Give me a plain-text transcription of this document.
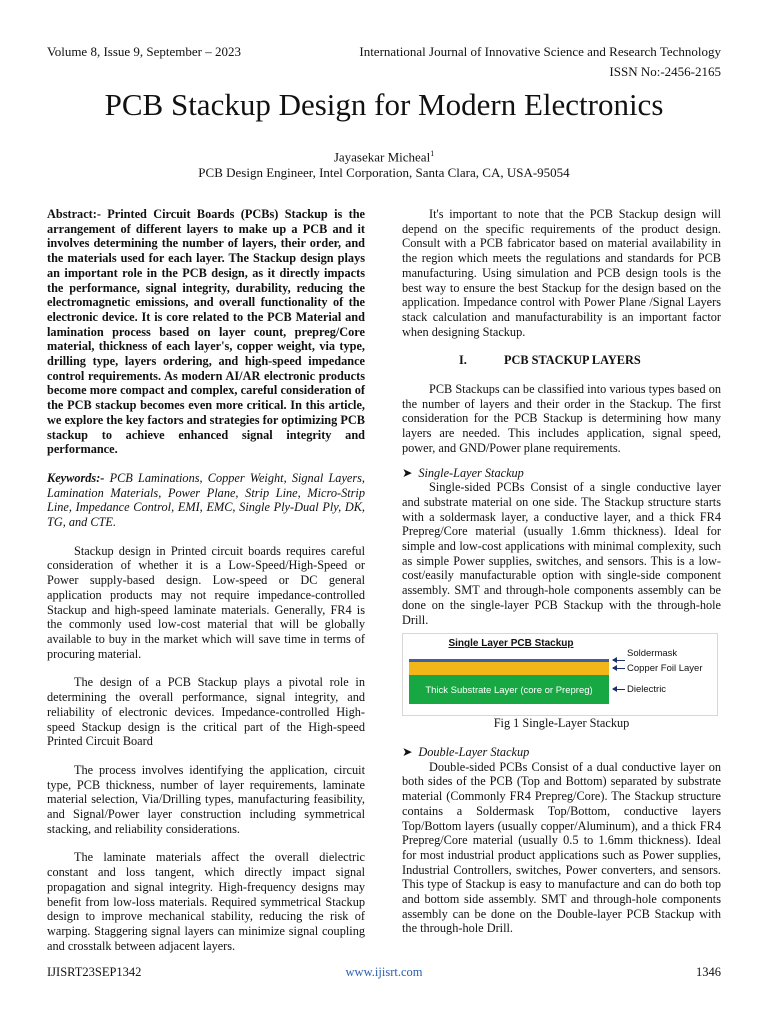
Volume 8, Issue 9, September – 2023	International Journal of Innovative Science and Research Technology
ISSN No:-2456-2165
PCB Stackup Design for Modern Electronics
Jayasekar Micheal$^1$
PCB Design Engineer, Intel Corporation, Santa Clara, CA, USA-95054

Abstract:- Printed Circuit Boards (PCBs) Stackup is the arrangement of different layers to make up a PCB and it involves determining the number of layers, their order, and the materials used for each layer. The Stackup design plays an important role in the PCB design, as it directly impacts the performance, signal integrity, durability, reducing the electromagnetic emissions, and overall functionality of the electronic device. It is core related to the PCB Material and lamination process based on layer count, prepreg/Core material, thickness of each layer's, copper weight, via type, drilling type, layers ordering, and high-speed impedance control requirements. As modern AI/AR electronic products become more compact and complex, careful consideration of the PCB stackup becomes even more critical. In this article, we explore the key factors and strategies for optimizing PCB stackup to achieve enhanced signal integrity and performance.

Keywords:- PCB Laminations, Copper Weight, Signal Layers, Lamination Materials, Power Plane, Strip Line, Micro-Strip Line, Impedance Control, EMI, EMC, Single Ply-Dual Ply, DK, TG, and CTE.

Stackup design in Printed circuit boards requires careful consideration of whether it is a Low-Speed/High-Speed or Power supply-based design. Low-speed or DC general application products may not require impedance-controlled Stackup and high-speed laminate materials. Generally, FR4 is the commonly used low-cost material that will be globally available to buy in the market which will save time in terms of procuring material.

The design of a PCB Stackup plays a pivotal role in determining the overall performance, signal integrity, and reliability of electronic devices. Impedance-controlled High-speed Stackup design is the critical part of the High-speed Printed Circuit Board

The process involves identifying the application, circuit type, PCB thickness, number of layer requirements, laminate material selection, Via/Drilling types, manufacturing feasibility, and Signal/Power layer construction including symmetrical stacking, and reliability considerations.

The laminate materials affect the overall dielectric constant and loss tangent, which directly impact signal propagation and signal integrity. High-frequency designs may benefit from low-loss materials. Required symmetrical Stackup design to improve mechanical stability, reducing the risk of warping. Staggering signal layers can minimize signal coupling and crosstalk between adjacent layers.

It's important to note that the PCB Stackup design will depend on the specific requirements of the product design. Consult with a PCB fabricator based on material availability in the region which meets the regulations and standards for PCB manufacturing. Using simulation and PCB design tools is the best way to ensure the best Stackup for the design based on the application. Impedance control with Power Plane /Signal Layers stack calculation and manufacturability is an important factor when designing Stackup.

I.	PCB STACKUP LAYERS

PCB Stackups can be classified into various types based on the number of layers and their order in the Stackup. The first consideration for the PCB Stackup is determining how many layers are needed. This includes application, signal speed, power, and GND/Power plane requirements.

➤ Single-Layer Stackup

Single-sided PCBs Consist of a single conductive layer and substrate material on one side. The Stackup structure starts with a soldermask layer, a conductive layer, and a thick FR4 Prepreg/Core material (usually 1.6mm thickness). Ideal for simple and low-cost applications with minimal complexity, such as simple Power supplies, switches, and sensors. This is a low-cost/easily manufacturable option with single-side component assembly. SMT and through-hole components assembly can be done on the single-layer PCB Stackup with the through-hole Drill.

Single Layer PCB Stackup
Thick Substrate Layer (core or Prepreg)
Soldermask
Copper Foil Layer
Dielectric

Fig 1 Single-Layer Stackup

➤ Double-Layer Stackup

Double-sided PCBs Consist of a dual conductive layer on both sides of the PCB (Top and Bottom) separated by substrate material (Commonly FR4 Prepreg/Core). The Stackup structure contains a Soldermask Top/Bottom, conductive layers Top/Bottom layers (usually copper/Aluminum), and a thick FR4 Prepreg/Core material (usually 0.5 to 1.6mm thickness). Ideal for most industrial product applications such as Power supplies, Industrial Controllers, switches, Power converters, and sensors. This type of Stackup is easy to manufacture and can do both top and bottom side assembly. SMT and through-hole components assembly can be done on the Double-layer PCB Stackup with the through-hole Drill.

IJISRT23SEP1342	www.ijisrt.com	1346
